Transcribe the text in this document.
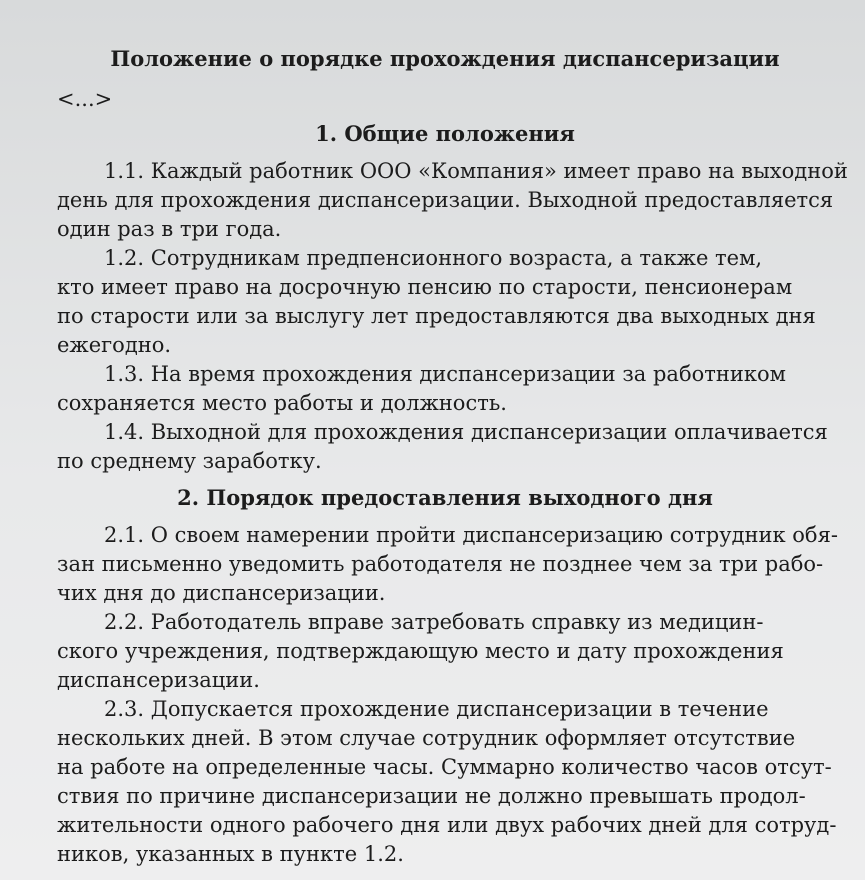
Положение о порядке прохождения диспансеризации
<...>
1. Общие положения
1.1. Каждый работник ООО «Компания» имеет право на выходной
день для прохождения диспансеризации. Выходной предоставляется
один раз в три года.
1.2. Сотрудникам предпенсионного возраста, а также тем,
кто имеет право на досрочную пенсию по старости, пенсионерам
по старости или за выслугу лет предоставляются два выходных дня
ежегодно.
1.3. На время прохождения диспансеризации за работником
сохраняется место работы и должность.
1.4. Выходной для прохождения диспансеризации оплачивается
по среднему заработку.
2. Порядок предоставления выходного дня
2.1. О своем намерении пройти диспансеризацию сотрудник обя-
зан письменно уведомить работодателя не позднее чем за три рабо-
чих дня до диспансеризации.
2.2. Работодатель вправе затребовать справку из медицин-
ского учреждения, подтверждающую место и дату прохождения
диспансеризации.
2.3. Допускается прохождение диспансеризации в течение
нескольких дней. В этом случае сотрудник оформляет отсутствие
на работе на определенные часы. Суммарно количество часов отсут-
ствия по причине диспансеризации не должно превышать продол-
жительности одного рабочего дня или двух рабочих дней для сотруд-
ников, указанных в пункте 1.2.
